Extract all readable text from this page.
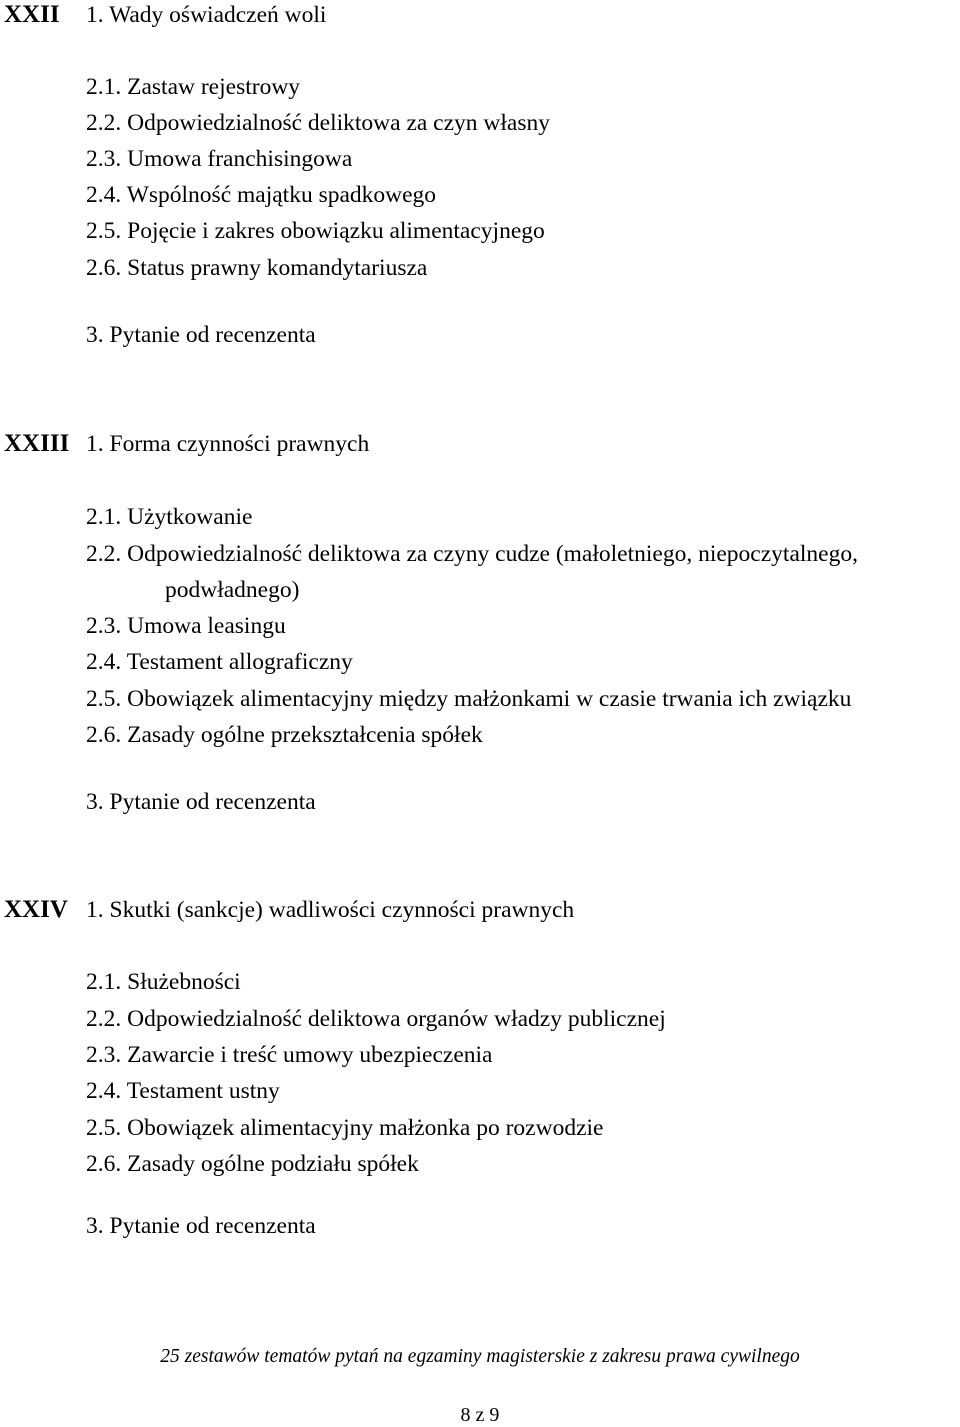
XXII 1. Wady oświadczeń woli
2.1. Zastaw rejestrowy
2.2. Odpowiedzialność deliktowa za czyn własny
2.3. Umowa franchisingowa
2.4. Wspólność majątku spadkowego
2.5. Pojęcie i zakres obowiązku alimentacyjnego
2.6. Status prawny komandytariusza
3. Pytanie od recenzenta
XXIII 1. Forma czynności prawnych
2.1. Użytkowanie
2.2. Odpowiedzialność deliktowa za czyny cudze (małoletniego, niepoczytalnego,
podwładnego)
2.3. Umowa leasingu
2.4. Testament allograficzny
2.5. Obowiązek alimentacyjny między małżonkami w czasie trwania ich związku
2.6. Zasady ogólne przekształcenia spółek
3. Pytanie od recenzenta
XXIV 1. Skutki (sankcje) wadliwości czynności prawnych
2.1. Służebności
2.2. Odpowiedzialność deliktowa organów władzy publicznej
2.3. Zawarcie i treść umowy ubezpieczenia
2.4. Testament ustny
2.5. Obowiązek alimentacyjny małżonka po rozwodzie
2.6. Zasady ogólne podziału spółek
3. Pytanie od recenzenta
25 zestawów tematów pytań na egzaminy magisterskie z zakresu prawa cywilnego
8 z 9
